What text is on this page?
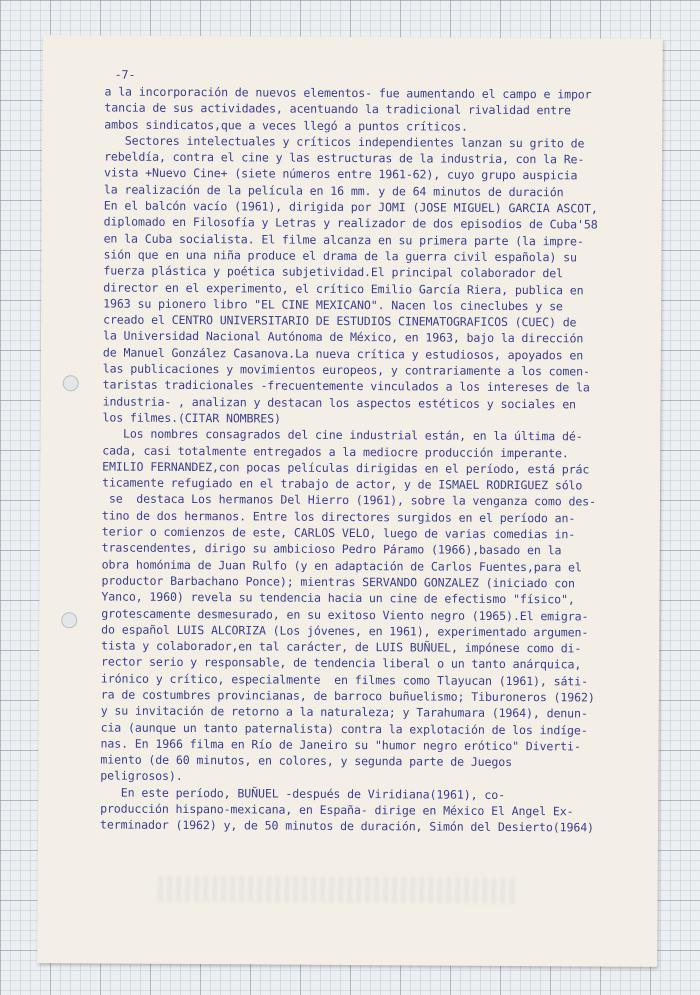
-7-
a la incorporación de nuevos elementos- fue aumentando el campo e impor
tancia de sus actividades, acentuando la tradicional rivalidad entre
ambos sindicatos,que a veces llegó a puntos críticos.
Sectores intelectuales y críticos independientes lanzan su grito de
rebeldía, contra el cine y las estructuras de la industria, con la Re-
vista +Nuevo Cine+ (siete números entre 1961-62), cuyo grupo auspicia
la realización de la película en 16 mm. y de 64 minutos de duración
En el balcón vacío (1961), dirigida por JOMI (JOSE MIGUEL) GARCIA ASCOT,
diplomado en Filosofía y Letras y realizador de dos episodios de Cuba'58
en la Cuba socialista. El filme alcanza en su primera parte (la impre-
sión que en una niña produce el drama de la guerra civil española) su
fuerza plástica y poética subjetividad.El principal colaborador del
director en el experimento, el crítico Emilio García Riera, publica en
1963 su pionero libro "EL CINE MEXICANO". Nacen los cineclubes y se
creado el CENTRO UNIVERSITARIO DE ESTUDIOS CINEMATOGRAFICOS (CUEC) de
la Universidad Nacional Autónoma de México, en 1963, bajo la dirección
de Manuel González Casanova.La nueva crítica y estudiosos, apoyados en
las publicaciones y movimientos europeos, y contrariamente a los comen-
taristas tradicionales -frecuentemente vinculados a los intereses de la
industria- , analizan y destacan los aspectos estéticos y sociales en
los filmes.(CITAR NOMBRES)
Los nombres consagrados del cine industrial están, en la última dé-
cada, casi totalmente entregados a la mediocre producción imperante.
EMILIO FERNANDEZ,con pocas películas dirigidas en el período, está prác
ticamente refugiado en el trabajo de actor, y de ISMAEL RODRIGUEZ sólo
se  destaca Los hermanos Del Hierro (1961), sobre la venganza como des-
tino de dos hermanos. Entre los directores surgidos en el período an-
terior o comienzos de este, CARLOS VELO, luego de varias comedias in-
trascendentes, dirigo su ambicioso Pedro Páramo (1966),basado en la
obra homónima de Juan Rulfo (y en adaptación de Carlos Fuentes,para el
productor Barbachano Ponce); mientras SERVANDO GONZALEZ (iniciado con
Yanco, 1960) revela su tendencia hacia un cine de efectismo "físico",
grotescamente desmesurado, en su exitoso Viento negro (1965).El emigra-
do español LUIS ALCORIZA (Los jóvenes, en 1961), experimentado argumen-
tista y colaborador,en tal carácter, de LUIS BUÑUEL, impónese como di-
rector serio y responsable, de tendencia liberal o un tanto anárquica,
irónico y crítico, especialmente  en filmes como Tlayucan (1961), sáti-
ra de costumbres provincianas, de barroco buñuelismo; Tiburoneros (1962)
y su invitación de retorno a la naturaleza; y Tarahumara (1964), denun-
cia (aunque un tanto paternalista) contra la explotación de los indíge-
nas. En 1966 filma en Río de Janeiro su "humor negro erótico" Diverti-
miento (de 60 minutos, en colores, y segunda parte de Juegos
peligrosos).
En este período, BUÑUEL -después de Viridiana(1961), co-
producción hispano-mexicana, en España- dirige en México El Angel Ex-
terminador (1962) y, de 50 minutos de duración, Simón del Desierto(1964)
